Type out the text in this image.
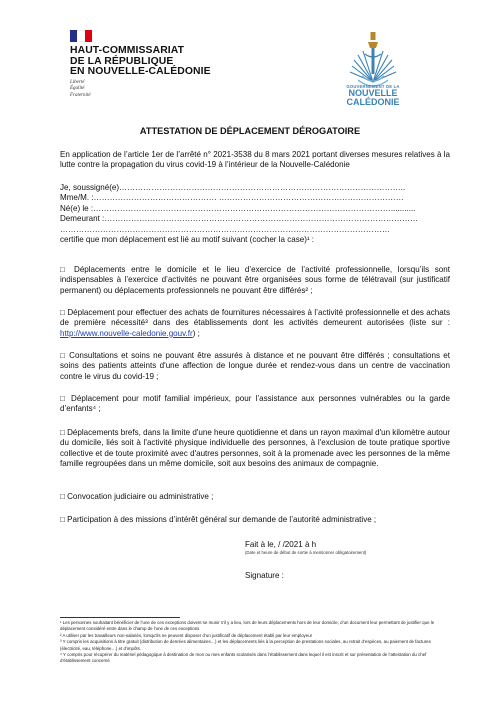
HAUT-COMMISSARIAT
DE LA RÉPUBLIQUE
EN NOUVELLE-CALÉDONIE
Liberté
Égalité
Fraternité
GOUVERNEMENT DE LA
NOUVELLE
CALÉDONIE
ATTESTATION DE DÉPLACEMENT DÉROGATOIRE
En application de l’article 1er de l’arrêté n° 2021-3538 du 8 mars 2021 portant diverses mesures relatives à la lutte contre la propagation du virus covid-19 à l’intérieur de la Nouvelle-Calédonie
Je, soussigné(e)……………………………………………………………………………………………..
Mme/M. :………………………………………. ……………………………………………………………
Né(e) le :…………………………………………………………………………………………………...........
Demeurant :………………………………………………………………………………………………………
……………………………………………………………………………………………………………
certifie que mon déplacement est lié au motif suivant (cocher la case)¹ :
□ Déplacements entre le domicile et le lieu d’exercice de l’activité professionnelle, lorsqu’ils sont indispensables à l’exercice d’activités ne pouvant être organisées sous forme de télétravail (sur justificatif permanent) ou déplacements professionnels ne pouvant être différés² ;
□ Déplacement pour effectuer des achats de fournitures nécessaires à l’activité professionnelle et des achats de première nécessité³ dans des établissements dont les activités demeurent autorisées (liste sur : http://www.nouvelle-caledonie.gouv.fr) ;
□ Consultations et soins ne pouvant être assurés à distance et ne pouvant être différés ; consultations et soins des patients atteints d'une affection de longue durée et rendez-vous dans un centre de vaccination contre le virus du covid-19 ;
□ Déplacement pour motif familial impérieux, pour l’assistance aux personnes vulnérables ou la garde d’enfants⁴ ;
□ Déplacements brefs, dans la limite d'une heure quotidienne et dans un rayon maximal d'un kilomètre autour du domicile, liés soit à l'activité physique individuelle des personnes, à l'exclusion de toute pratique sportive collective et de toute proximité avec d'autres personnes, soit à la promenade avec les personnes de la même famille regroupées dans un même domicile, soit aux besoins des animaux de compagnie.
□ Convocation judiciaire ou administrative ;
□ Participation à des missions d’intérêt général sur demande de l’autorité administrative ;
Fait à le, / /2021 à h
(Date et heure de début de sortie à mentionner obligatoirement)
Signature :

¹ Les personnes souhaitant bénéficier de l’une de ces exceptions doivent se munir s’il y a lieu, lors de leurs déplacements hors de leur domicile, d’un document leur permettant de justifier que le déplacement considéré entre dans le champ de l’une de ces exceptions

² A utiliser par les travailleurs non-salariés, lorsqu’ils ne peuvent disposer d’un justificatif de déplacement établi par leur employeur

³ Y compris les acquisitions à titre gratuit (distribution de denrées alimentaires…) et les déplacements liés à la perception de prestations sociales, au retrait d’espèces, au paiement de factures (électricité, eau, téléphone…) et d’impôts.

⁴ Y compris pour récupérer du matériel pédagogique à destination de mon ou mes enfants scolarisés dans l’établissement dans lequel il est inscrit et sur présentation de l’attestation du chef d’établissement concerné
